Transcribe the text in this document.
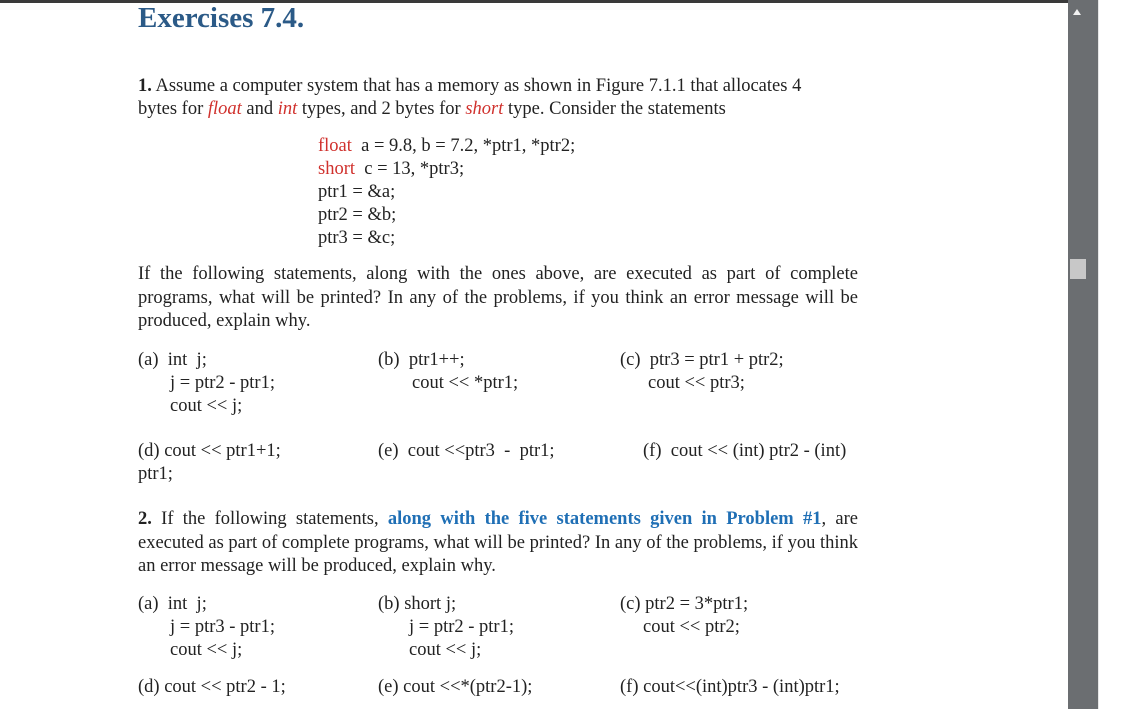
Exercises 7.4.
1. Assume a computer system that has a memory as shown in Figure 7.1.1 that allocates 4
bytes for float and int types, and 2 bytes for short type. Consider the statements
float  a = 9.8, b = 7.2, *ptr1, *ptr2;
short  c = 13, *ptr3;
ptr1 = &a;
ptr2 = &b;
ptr3 = &c;
If the following statements, along with the ones above, are executed as part of complete programs, what will be printed? In any of the problems, if you think an error message will be produced, explain why.
(a)  int  j;
j = ptr2 - ptr1;
cout << j;
(b)  ptr1++;
cout << *ptr1;
(c)  ptr3 = ptr1 + ptr2;
cout << ptr3;
(d) cout << ptr1+1;	(e)  cout <<ptr3  -  ptr1;	(f)  cout << (int) ptr2 - (int)
ptr1;
2. If the following statements, along with the five statements given in Problem #1, are executed as part of complete programs, what will be printed? In any of the problems, if you think an error message will be produced, explain why.
(a)  int  j;
j = ptr3 - ptr1;
cout << j;
(b) short j;
j = ptr2 - ptr1;
cout << j;
(c) ptr2 = 3*ptr1;
cout << ptr2;
(d) cout << ptr2 - 1;	(e) cout <<*(ptr2-1);	(f) cout<<(int)ptr3 - (int)ptr1;
